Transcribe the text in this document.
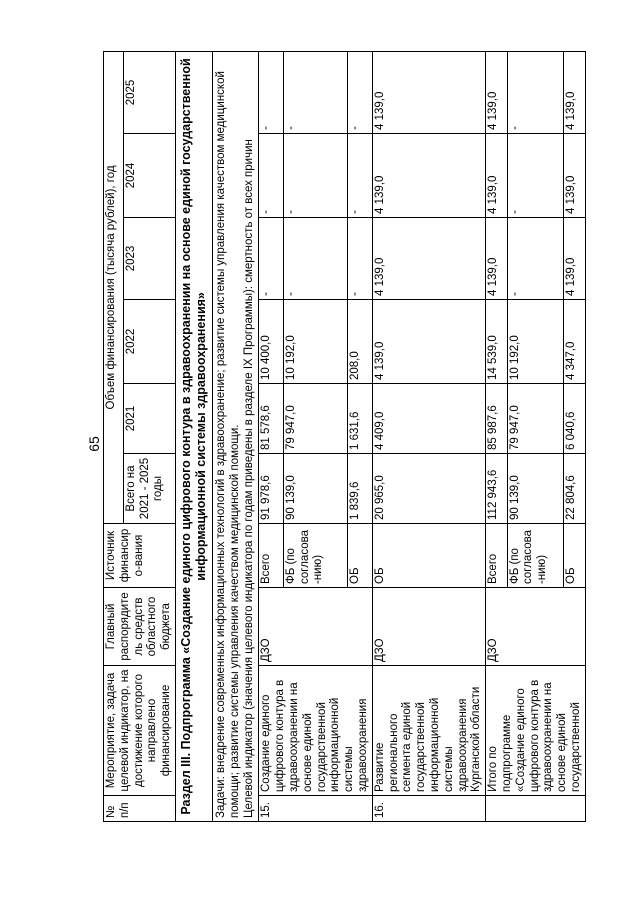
65
№ п/п	Мероприятие, задача целевой индикатор, на достижение которого направлено финансирование	Главный распорядитель средств областного бюджета	Источник финансиро-вания	Объем финансирования (тысяча рублей), год					
				Всего на 2021 - 2025 годы	2021	2022	2023	2024	2025
Раздел III. Подпрограмма «Создание единого цифрового контура в здравоохранении на основе единой государственной информационной системы здравоохранения»									

Задачи: внедрение современных информационных технологий в здравоохранение; развитие системы управления качеством медицинской помощи; развитие системы управления качеством медицинской помощи. Целевой индикатор (значения целевого индикатора по годам приведены в разделе IX Программы): смертность от всех причин									

15.	Создание единого цифрового контура в здравоохранении на основе единой государственной информационной системы здравоохранения	ДЗО	Всего	91 978,6	81 578,6	10 400,0	-	-	-
			ФБ (по согласова-нию)	90 139,0	79 947,0	10 192,0	-	-	-
			ОБ	1 839,6	1 631,6	208,0	-	-	-
16.	Развитие регионального сегмента единой государственной информационной системы здравоохранения Курганской области	ДЗО	ОБ	20 965,0	4 409,0	4 139,0	4 139,0	4 139,0	4 139,0
	Итого по подпрограмме «Создание единого цифрового контура в здравоохранении на основе единой государственной	ДЗО	Всего	112 943,6	85 987,6	14 539,0	4 139,0	4 139,0	4 139,0
			ФБ (по согласова-нию)	90 139,0	79 947,0	10 192,0	-	-	-
			ОБ	22 804,6	6 040,6	4 347,0	4 139,0	4 139,0	4 139,0
